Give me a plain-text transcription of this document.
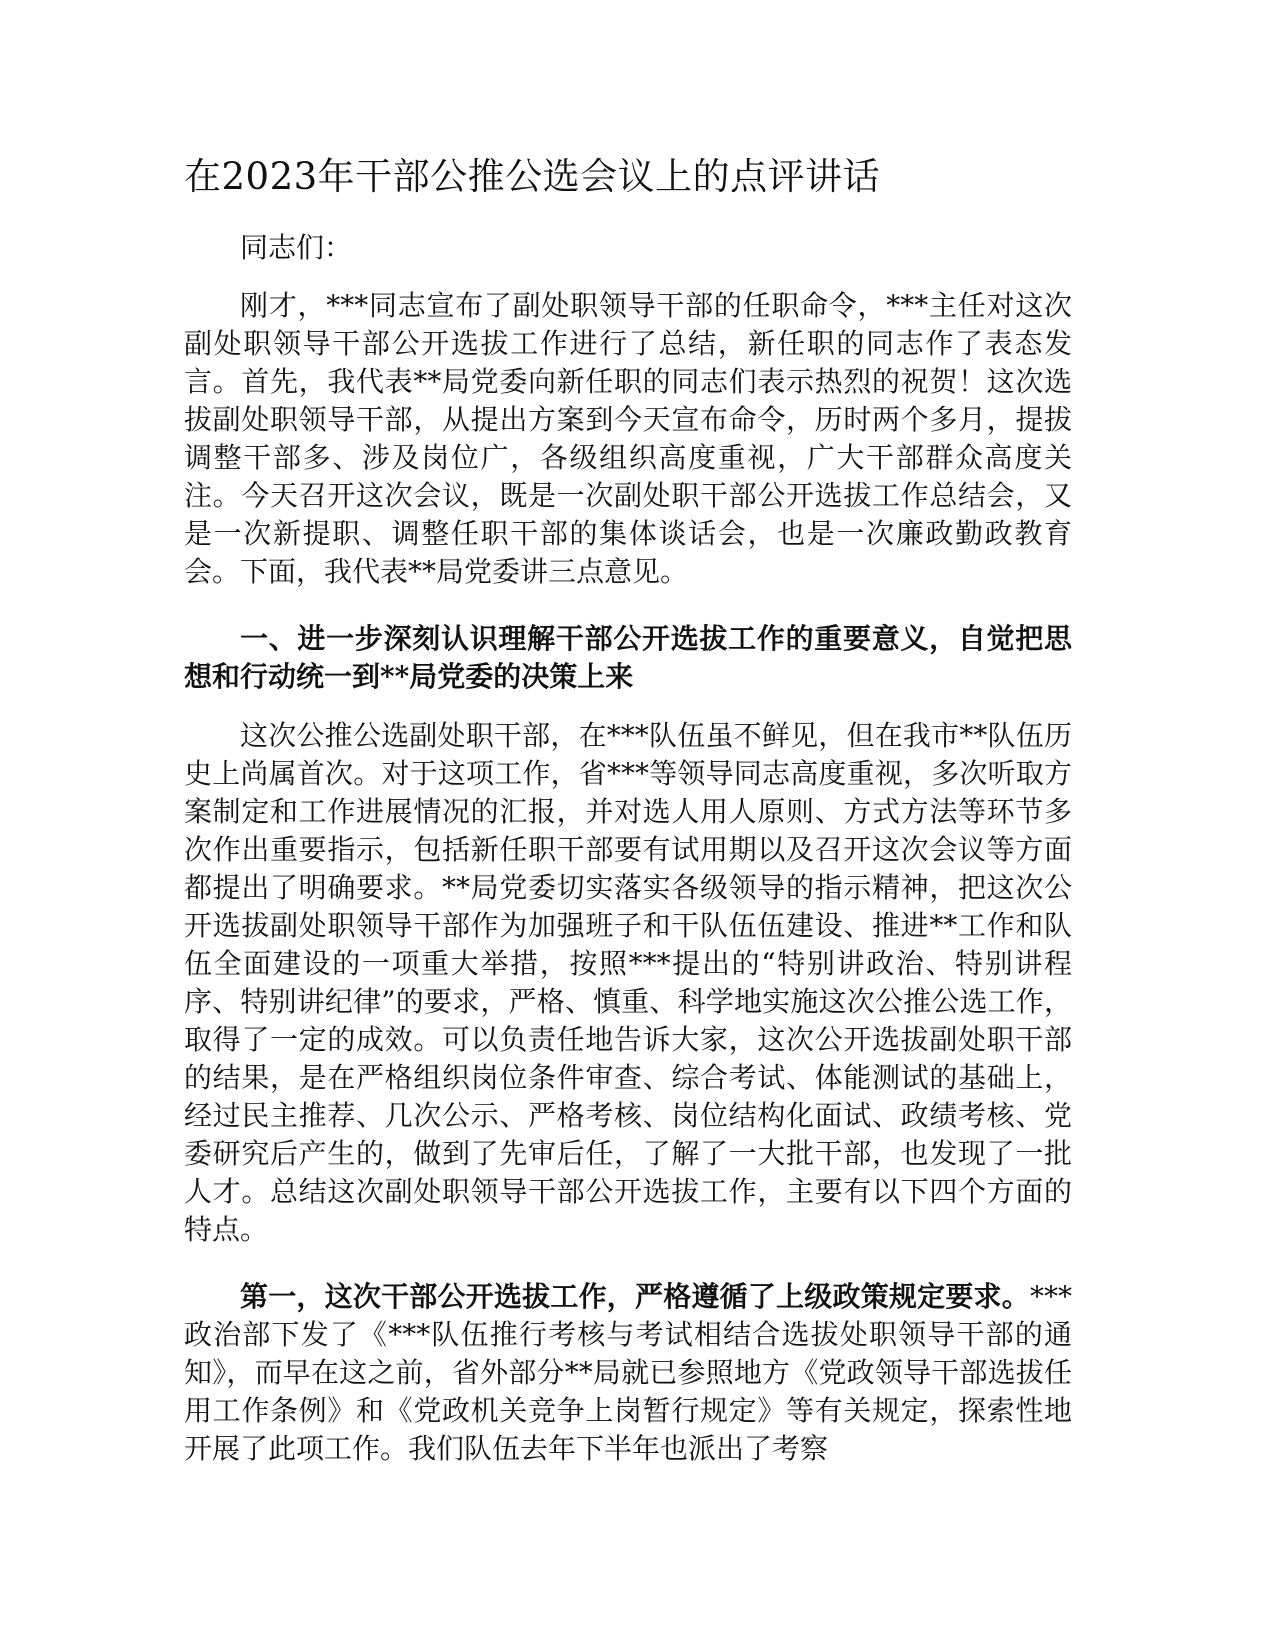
在2023年干部公推公选会议上的点评讲话

同志们：

刚才，***同志宣布了副处职领导干部的任职命令，***主任对这次副处职领导干部公开选拔工作进行了总结，新任职的同志作了表态发言。首先，我代表**局党委向新任职的同志们表示热烈的祝贺！这次选拔副处职领导干部，从提出方案到今天宣布命令，历时两个多月，提拔调整干部多、涉及岗位广，各级组织高度重视，广大干部群众高度关注。今天召开这次会议，既是一次副处职干部公开选拔工作总结会，又是一次新提职、调整任职干部的集体谈话会，也是一次廉政勤政教育会。下面，我代表**局党委讲三点意见。

一、进一步深刻认识理解干部公开选拔工作的重要意义，自觉把思想和行动统一到**局党委的决策上来

这次公推公选副处职干部，在***队伍虽不鲜见，但在我市**队伍历史上尚属首次。对于这项工作，省***等领导同志高度重视，多次听取方案制定和工作进展情况的汇报，并对选人用人原则、方式方法等环节多次作出重要指示，包括新任职干部要有试用期以及召开这次会议等方面都提出了明确要求。**局党委切实落实各级领导的指示精神，把这次公开选拔副处职领导干部作为加强班子和干队伍伍建设、推进**工作和队伍全面建设的一项重大举措，按照***提出的“特别讲政治、特别讲程序、特别讲纪律”的要求，严格、慎重、科学地实施这次公推公选工作，取得了一定的成效。可以负责任地告诉大家，这次公开选拔副处职干部的结果，是在严格组织岗位条件审查、综合考试、体能测试的基础上，经过民主推荐、几次公示、严格考核、岗位结构化面试、政绩考核、党委研究后产生的，做到了先审后任，了解了一大批干部，也发现了一批人才。总结这次副处职领导干部公开选拔工作，主要有以下四个方面的特点。

第一，这次干部公开选拔工作，严格遵循了上级政策规定要求。***政治部下发了《***队伍推行考核与考试相结合选拔处职领导干部的通知》，而早在这之前，省外部分**局就已参照地方《党政领导干部选拔任用工作条例》和《党政机关竞争上岗暂行规定》等有关规定，探索性地开展了此项工作。我们队伍去年下半年也派出了考察
